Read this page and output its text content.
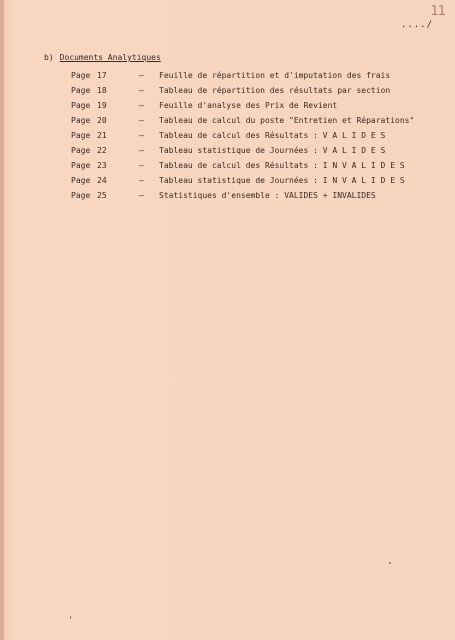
11
..../
b) Documents Analytiques
Page 17	– Feuille de répartition et d'imputation des frais
Page 18	– Tableau de répartition des résultats par section
Page 19	– Feuille d'analyse des Prix de Revient
Page 20	– Tableau de calcul du poste "Entretien et Réparations"
Page 21	– Tableau de calcul des Résultats : V A L I D E S
Page 22	– Tableau statistique de Journées : V A L I D E S
Page 23	– Tableau de calcul des Résultats : I N V A L I D E S
Page 24	– Tableau statistique de Journées : I N V A L I D E S
Page 25	– Statistiques d'ensemble : VALIDES + INVALIDES
